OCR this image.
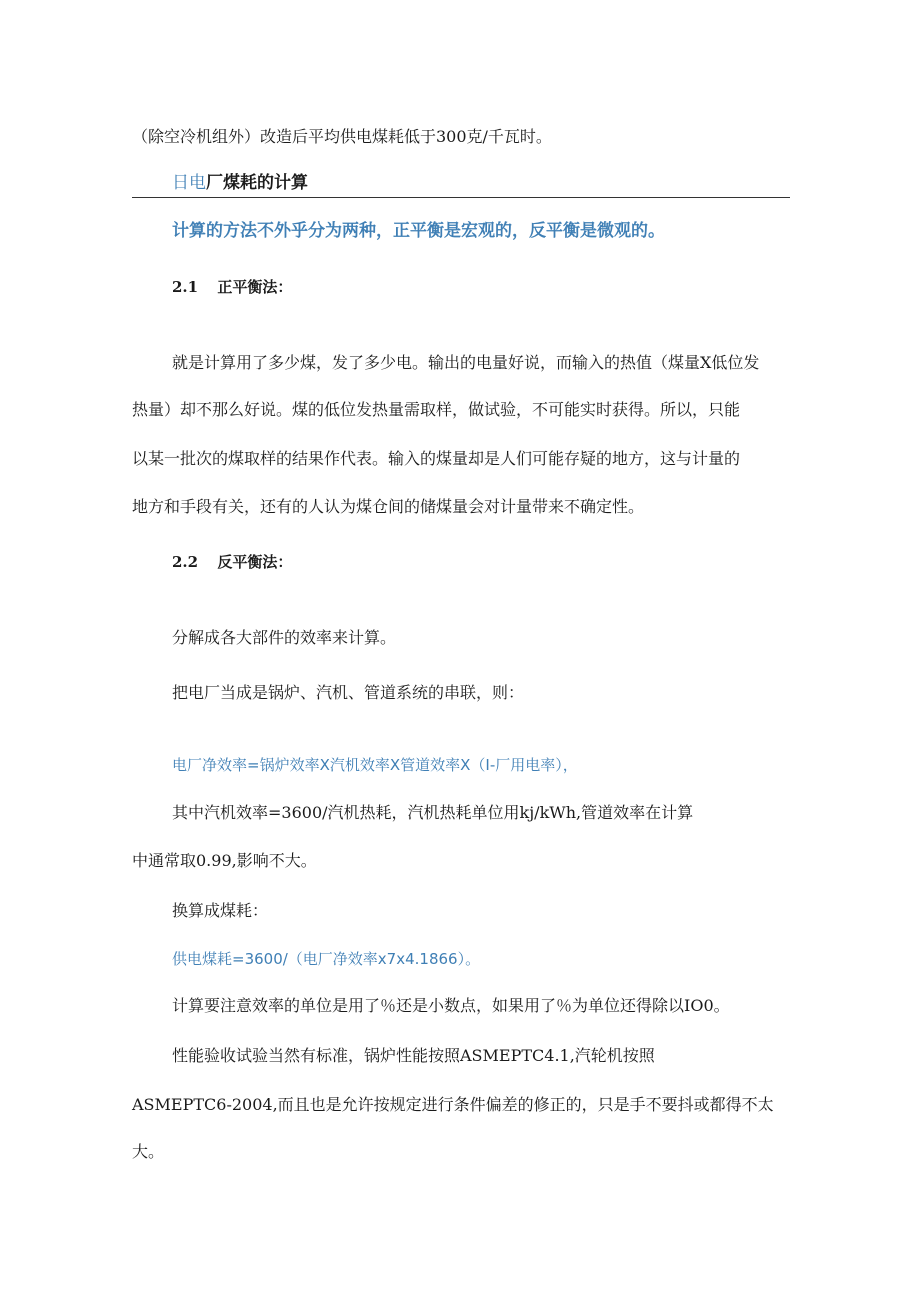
（除空冷机组外）改造后平均供电煤耗低于300克/千瓦时。
日电厂煤耗的计算
计算的方法不外乎分为两种，正平衡是宏观的，反平衡是微观的。
2.1 正平衡法：
就是计算用了多少煤，发了多少电。输出的电量好说，而输入的热值（煤量X低位发
热量）却不那么好说。煤的低位发热量需取样，做试验，不可能实时获得。所以，只能
以某一批次的煤取样的结果作代表。输入的煤量却是人们可能存疑的地方，这与计量的
地方和手段有关，还有的人认为煤仓间的储煤量会对计量带来不确定性。
2.2 反平衡法：
分解成各大部件的效率来计算。
把电厂当成是锅炉、汽机、管道系统的串联，则：
电厂净效率=锅炉效率X汽机效率X管道效率X（I-厂用电率），
其中汽机效率=3600/汽机热耗，汽机热耗单位用kj∕kWh,管道效率在计算
中通常取0.99,影响不大。
换算成煤耗：
供电煤耗=3600/（电厂净效率x7x4.1866）。
计算要注意效率的单位是用了％还是小数点，如果用了％为单位还得除以IO0。
性能验收试验当然有标准，锅炉性能按照ASMEPTC4.1,汽轮机按照
ASMEPTC6-2004,而且也是允许按规定进行条件偏差的修正的，只是手不要抖或都得不太
大。
